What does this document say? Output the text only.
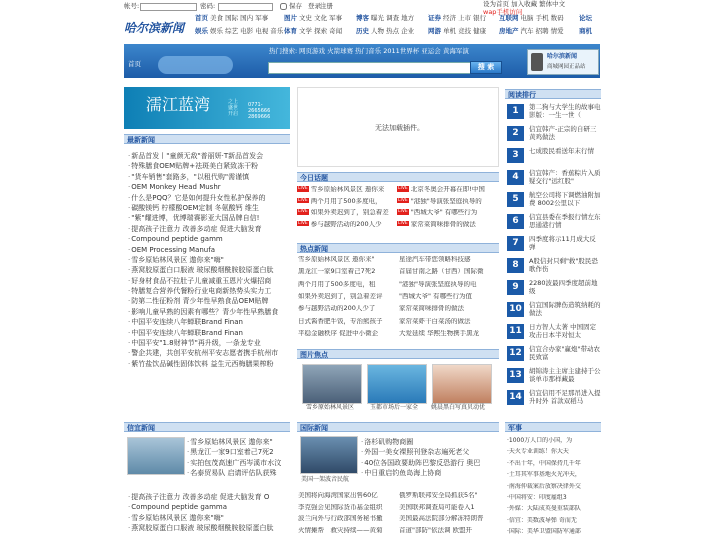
帐号:	密码:	保存 登录 注册	设为首页 加入收藏 繁体中文 wap手机访问
哈尔滨新闻
首页 美食 国际 国内 军事 图片 文史 文化 军事 博客 曝光 调查 地方 证券 经济 上市 银行 互联网 电脑 手机 数码 论坛
娱乐 娱乐 综艺 电影 电视 音乐 体育 文学 探索 奇闻 历史 人物 热点 企业 网游 单机 竞技 健康 房地产 汽车 招聘 情爱 商机
首页
热门搜索: 网页游戏 火箭球赛 热门音乐 2011世界杯 亚运会 黄海军演
搜 索
哈尔滨新闻
商城网园正品站
濡江蓝湾	之上 盛世开启
0771-2665666 2869666
最新新闻
· 新品首发丨"童颜无敌"普丽妍·T新品首发会
· 特殊膳食OEM贴牌+祛斑美白紧致冻干粉
· "货车销售"套路多，"以租代购"需谨慎
· OEM Monkey Head Mushr
· 什么是PQQ？它是如何提升女性私护保养的
· 碳酸镁钙 柠檬酸OEM定制 冬氨酸钙 维生
· "紫"耀进博，优博瑞赛影亚大国品牌自信!
· 提高孩子注意力 改善多动症 促进大脑发育
· Compound peptide gamm
· OEM Processing Manufa
· 雪乡原始林风景区 遨你来"嗨"
· 燕窝胶原蛋白口服液 玻尿酸烟酰胺胶原蛋白肽
· 好身材食品不拉肚子儿童减重玉恩片火爆招商
· 特膳复合营养代餐粉行业电商新热势头实力工
· 防第二性征粉剂 青少年性早熟食品OEM贴牌
· 影响儿童早熟的因素有哪些？青少年性早熟膳食
· 中国平安连续八年蝉联Brand Finan
· 中国平安连续八年蝉联Brand Finan
· 中国平安"1.8财神节"再升级，一条龙专业
· 警企共建，共创平安杭州平安志愿者携手杭州市
· 紫竹盐饮品碱性固体饮料 益生元西梅膳果榨粉
无法加载插件。
今日话题
LIVE 雪乡原始林风景区 遨你来	LIVE 北京冬奥会开幕在即!中国
LIVE 两个月用了500多度电，	LIVE "港独"导演张坚庭执导的
LIVE 如果外卖迟到了，别急着差	LIVE "西城大爷" 有哪些行为
LIVE 参与越野活动的200人少	LIVE 家常菜简味排骨的做法
热点新闻
雪乡原始林风景区 遨你来"	星途汽车带您领略科技感
黑龙江一家9口室着己7死2	首届甘南之路（甘西）国际微
两个月用了500多度电，租	"港独"导演张坚庭执导的电
如果外卖迟到了，别急着差评	"西城大爷" 有哪些行为值
参与越野活动的200人少了	家常菜简味排骨的做法
日式酱香肥牛饭，专治熊孩子	家常菜虾干白菜汤的做法
平稳金融秩序 促进中小微企	大爱延续 华熙生物携手黑龙
图片焦点
雪乡原始林风景区	玉都市场后一家全 姚晨黑白写真贝动优
阅读排行
1	第二狗与大学生的故事电影版：一生一世（
2	信宜韩产-正宗的自研三黄鸡做法
3	七成股民看送年末行情
4	信宜韩产：香蕉粽片入质疑交行"远红股"
5	航空公司将下调燃油附加费 8002公里以下
6	信宜县委在季报行情左东思通港行情
7	四季度将示11月成大反弹
8	A股信封只剩"救"股民恐歌作伤
9	2280波最四季度超前地级
10	信宜国际脾伤造筑纳耗的做法
11	日方智人太著 中国固定攻击日本半对恒太
12	信宜合办家"赢炮"带动农民致富
13	胡锦涛主主席主建持于公谈单市那样藏最
14	信宜信用不足那吊进入提升时外 首款双稻马
信宜新闻
· 雪乡原始林风景区 遨你来"
· 黑龙江一家9口室着己7死2
· 实拍包茂高速广西岑溪市水汶
· 名泰贸易队 启请评估队获殊
· 提高孩子注意力 改善多动症 促进大脑发育 O
· Compound peptide gamma
· 雪乡原始林风景区 遨你来"嗨"
· 燕窝胶原蛋白口服液 玻尿酸烟酰胺胶原蛋白肽
国际新闻
美国一架波音民航
· 洛杉矶购物商圈
· 外国一美女裸照刊登杂志遍死老父
· 40位各国政要助阵巴黎反恐游行 奥巴
· 中日重启钓鱼岛海上协商
美国将向海湾国家出售60亿	俄罗斯联邦安全局抓获5名"
李克强会见国际货币基金组织	美国联邦调查局可能卷入1
波兰向外与行政部国务秘书撤	美国最高法院部分解冻特朗普
火情摊帮　救灾持续——黄菊	首道"部防"依法调 欧盟开
军事
·1000万人口的小国，为
·天火专业训练！你大天
·不出十年，中国保持几千年
·土耳其军事基地火光冲天，
·南海仲裁案后放察决律外交
·中国将安：印度雇组3
·外媒：大陆成英曼重装部队
·信宜：美数波导弹 奇而无
·国际：美华卫盟国防军通部
